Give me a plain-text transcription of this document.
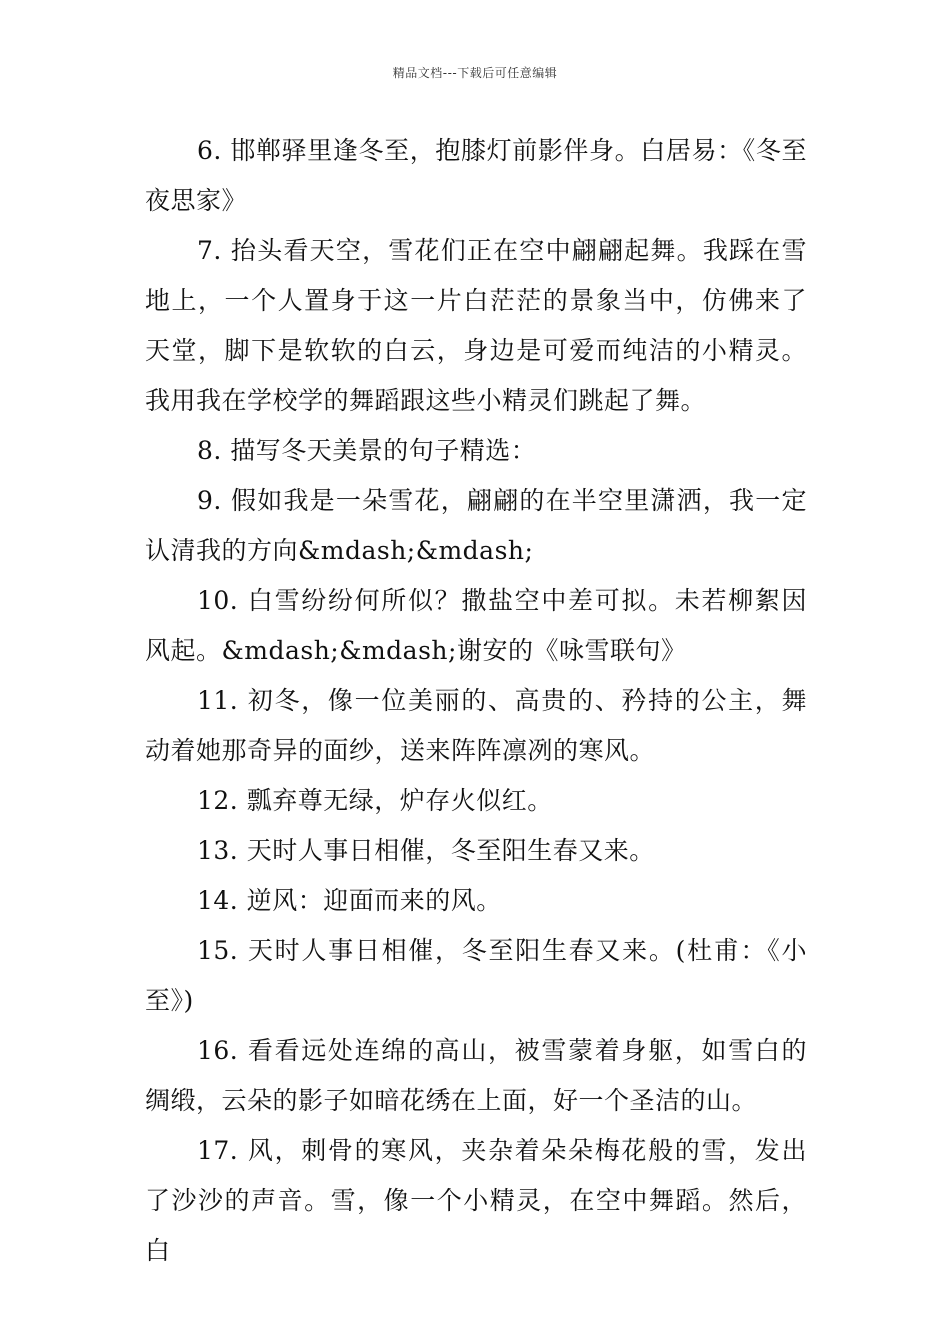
精品文档---下载后可任意编辑

6. 邯郸驿里逢冬至，抱膝灯前影伴身。白居易：《冬至夜思家》

7. 抬头看天空，雪花们正在空中翩翩起舞。我踩在雪地上，一个人置身于这一片白茫茫的景象当中，仿佛来了天堂，脚下是软软的白云，身边是可爱而纯洁的小精灵。我用我在学校学的舞蹈跟这些小精灵们跳起了舞。

8. 描写冬天美景的句子精选：

9. 假如我是一朵雪花，翩翩的在半空里潇洒，我一定认清我的方向&mdash;&mdash;

10. 白雪纷纷何所似？撒盐空中差可拟。未若柳絮因风起。&mdash;&mdash;谢安的《咏雪联句》

11. 初冬，像一位美丽的、高贵的、矜持的公主，舞动着她那奇异的面纱，送来阵阵凛冽的寒风。

12. 瓢弃尊无绿，炉存火似红。

13. 天时人事日相催，冬至阳生春又来。

14. 逆风：迎面而来的风。

15. 天时人事日相催，冬至阳生春又来。(杜甫：《小至》)

16. 看看远处连绵的高山，被雪蒙着身躯，如雪白的绸缎，云朵的影子如暗花绣在上面，好一个圣洁的山。

17. 风，刺骨的寒风，夹杂着朵朵梅花般的雪，发出了沙沙的声音。雪，像一个小精灵，在空中舞蹈。然后，白
